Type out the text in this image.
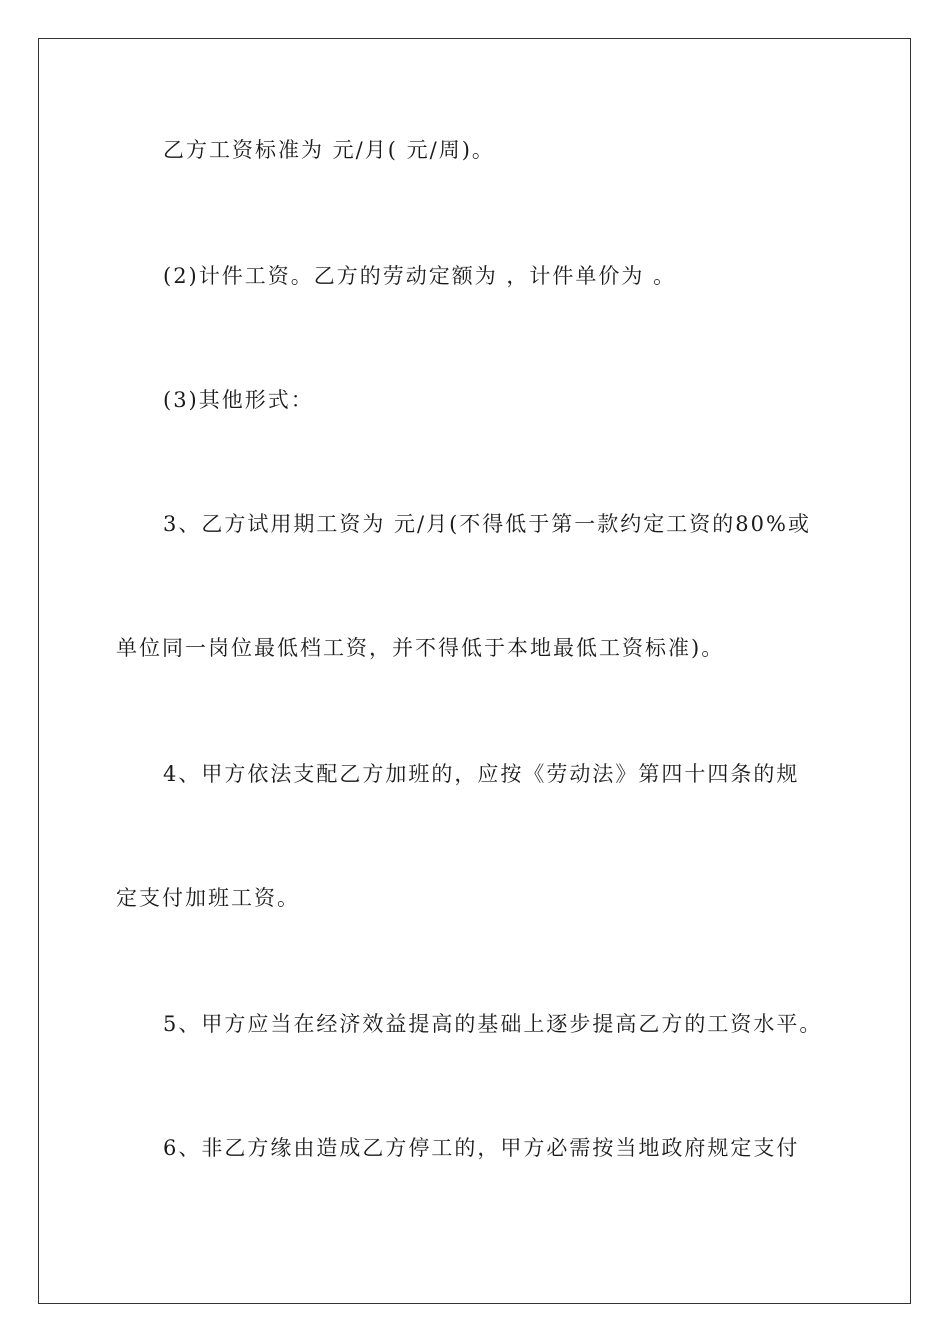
乙方工资标准为 元/月( 元/周)。
(2)计件工资。乙方的劳动定额为 ，计件单价为 。
(3)其他形式：
3、乙方试用期工资为 元/月(不得低于第一款约定工资的80%或
单位同一岗位最低档工资，并不得低于本地最低工资标准)。
4、甲方依法支配乙方加班的，应按《劳动法》第四十四条的规
定支付加班工资。
5、甲方应当在经济效益提高的基础上逐步提高乙方的工资水平。
6、非乙方缘由造成乙方停工的，甲方必需按当地政府规定支付
